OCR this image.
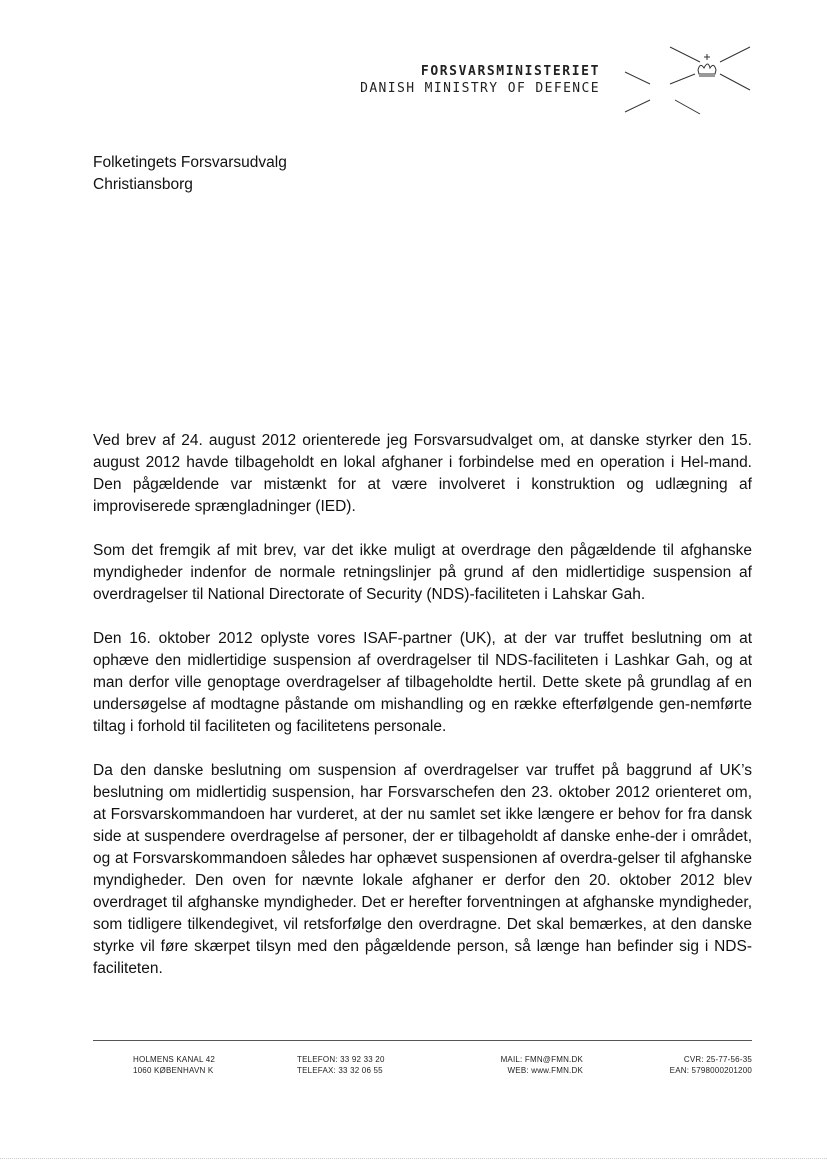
FORSVARSMINISTERIET
DANISH MINISTRY OF DEFENCE
Folketingets Forsvarsudvalg
Christiansborg

Ved brev af 24. august 2012 orienterede jeg Forsvarsudvalget om, at danske styrker den 15. august 2012 havde tilbageholdt en lokal afghaner i forbindelse med en operation i Hel-mand. Den pågældende var mistænkt for at være involveret i konstruktion og udlægning af improviserede sprængladninger (IED).

Som det fremgik af mit brev, var det ikke muligt at overdrage den pågældende til afghanske myndigheder indenfor de normale retningslinjer på grund af den midlertidige suspension af overdragelser til National Directorate of Security (NDS)-faciliteten i Lahskar Gah.

Den 16. oktober 2012 oplyste vores ISAF-partner (UK), at der var truffet beslutning om at ophæve den midlertidige suspension af overdragelser til NDS-faciliteten i Lashkar Gah, og at man derfor ville genoptage overdragelser af tilbageholdte hertil. Dette skete på grundlag af en undersøgelse af modtagne påstande om mishandling og en række efterfølgende gen-nemførte tiltag i forhold til faciliteten og facilitetens personale.

Da den danske beslutning om suspension af overdragelser var truffet på baggrund af UK’s beslutning om midlertidig suspension, har Forsvarschefen den 23. oktober 2012 orienteret om, at Forsvarskommandoen har vurderet, at der nu samlet set ikke længere er behov for fra dansk side at suspendere overdragelse af personer, der er tilbageholdt af danske enhe-der i området, og at Forsvarskommandoen således har ophævet suspensionen af overdra-gelser til afghanske myndigheder. Den oven for nævnte lokale afghaner er derfor den 20. oktober 2012 blev overdraget til afghanske myndigheder. Det er herefter forventningen at afghanske myndigheder, som tidligere tilkendegivet, vil retsforfølge den overdragne. Det skal bemærkes, at den danske styrke vil føre skærpet tilsyn med den pågældende person, så længe han befinder sig i NDS-faciliteten.

HOLMENS KANAL 42
1060 KØBENHAVN K
TELEFON: 33 92 33 20
TELEFAX: 33 32 06 55
MAIL: FMN@FMN.DK
WEB: www.FMN.DK
CVR: 25-77-56-35
EAN: 5798000201200
